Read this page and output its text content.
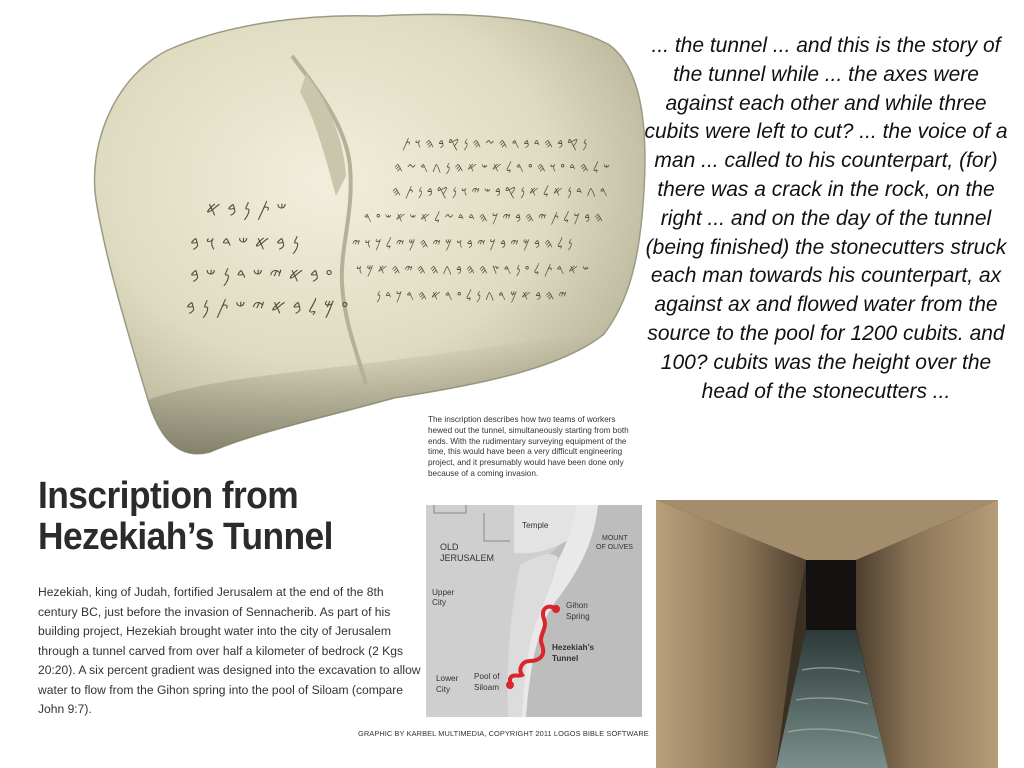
𐤔 𐤕 𐤍 𐤁 𐤀
𐤍 𐤁 𐤀 𐤔 𐤃 𐤅 𐤁
𐤏 𐤁 𐤀 𐤉 𐤔 𐤃 𐤍 𐤔 𐤁
𐤏 𐤌 𐤋 𐤁 𐤀 𐤉 𐤔 𐤕 𐤍 𐤁
𐤍 𐤒 𐤁 𐤄 𐤃 𐤁 𐤓 𐤄 𐤆 𐤄 𐤍 𐤒 𐤁 𐤄 𐤅 𐤕
𐤔 𐤋 𐤄 𐤃 𐤏 𐤅 𐤄 𐤏 𐤓 𐤋 𐤀 𐤔 𐤀 𐤄 𐤍 𐤂 𐤓 𐤆 𐤄
𐤓 𐤂 𐤃 𐤍 𐤀 𐤋 𐤀 𐤍 𐤒 𐤁 𐤔 𐤉 𐤅 𐤍 𐤒 𐤁 𐤍 𐤕 𐤄
𐤄 𐤁 𐤊 𐤋 𐤕 𐤉 𐤄 𐤁 𐤉 𐤊 𐤄 𐤃 𐤃 𐤆 𐤋 𐤀 𐤔 𐤀 𐤔 𐤏 𐤓
𐤍 𐤋 𐤄 𐤁 𐤌 𐤉 𐤁 𐤊 𐤉 𐤁 𐤅 𐤌 𐤉 𐤄 𐤌 𐤉 𐤋 𐤊 𐤅 𐤉
𐤔 𐤀 𐤓 𐤕 𐤋 𐤏 𐤍 𐤓 𐤑 𐤄 𐤄 𐤁 𐤂 𐤄 𐤄 𐤉 𐤄 𐤀 𐤌 𐤅
𐤉 𐤄 𐤁 𐤀 𐤌 𐤓 𐤂 𐤍 𐤋 𐤏 𐤓 𐤀 𐤄 𐤓 𐤊 𐤃 𐤍

... the tunnel ... and this is the story of the tunnel while ... the axes were against each other and while three cubits were left to cut? ... the voice of a man ... called to his counterpart, (for) there was a crack in the rock, on the right ... and on the day of the tunnel (being finished) the stonecutters struck each man towards his counterpart, ax against ax and flowed water from the source to the pool for 1200 cubits. and 100? cubits was the height over the head of the stonecutters ...

The inscription describes how two teams of workers hewed out the tunnel, simultaneously starting from both ends. With the rudimentary surveying equipment of the time, this would have been a very difficult engineering project, and it presumably would have been done only because of a coming invasion.

Inscription from
Hezekiah’s Tunnel

Hezekiah, king of Judah, fortified Jerusalem at the end of the 8th century BC, just before the invasion of Sennacherib. As part of his building project, Hezekiah brought water into the city of Jerusalem through a tunnel carved from over half a kilometer of bedrock (2 Kgs 20:20). A six percent gradient was designed into the excavation to allow water to flow from the Gihon spring into the pool of Siloam (compare John 9:7).

Temple
MOUNT
OF OLIVES
OLD
JERUSALEM
Upper
City	Gihon
Spring
Hezekiah’s
Tunnel
Pool of
Siloam
Lower
City

GRAPHIC BY KARBEL MULTIMEDIA, COPYRIGHT 2011 LOGOS BIBLE SOFTWARE
